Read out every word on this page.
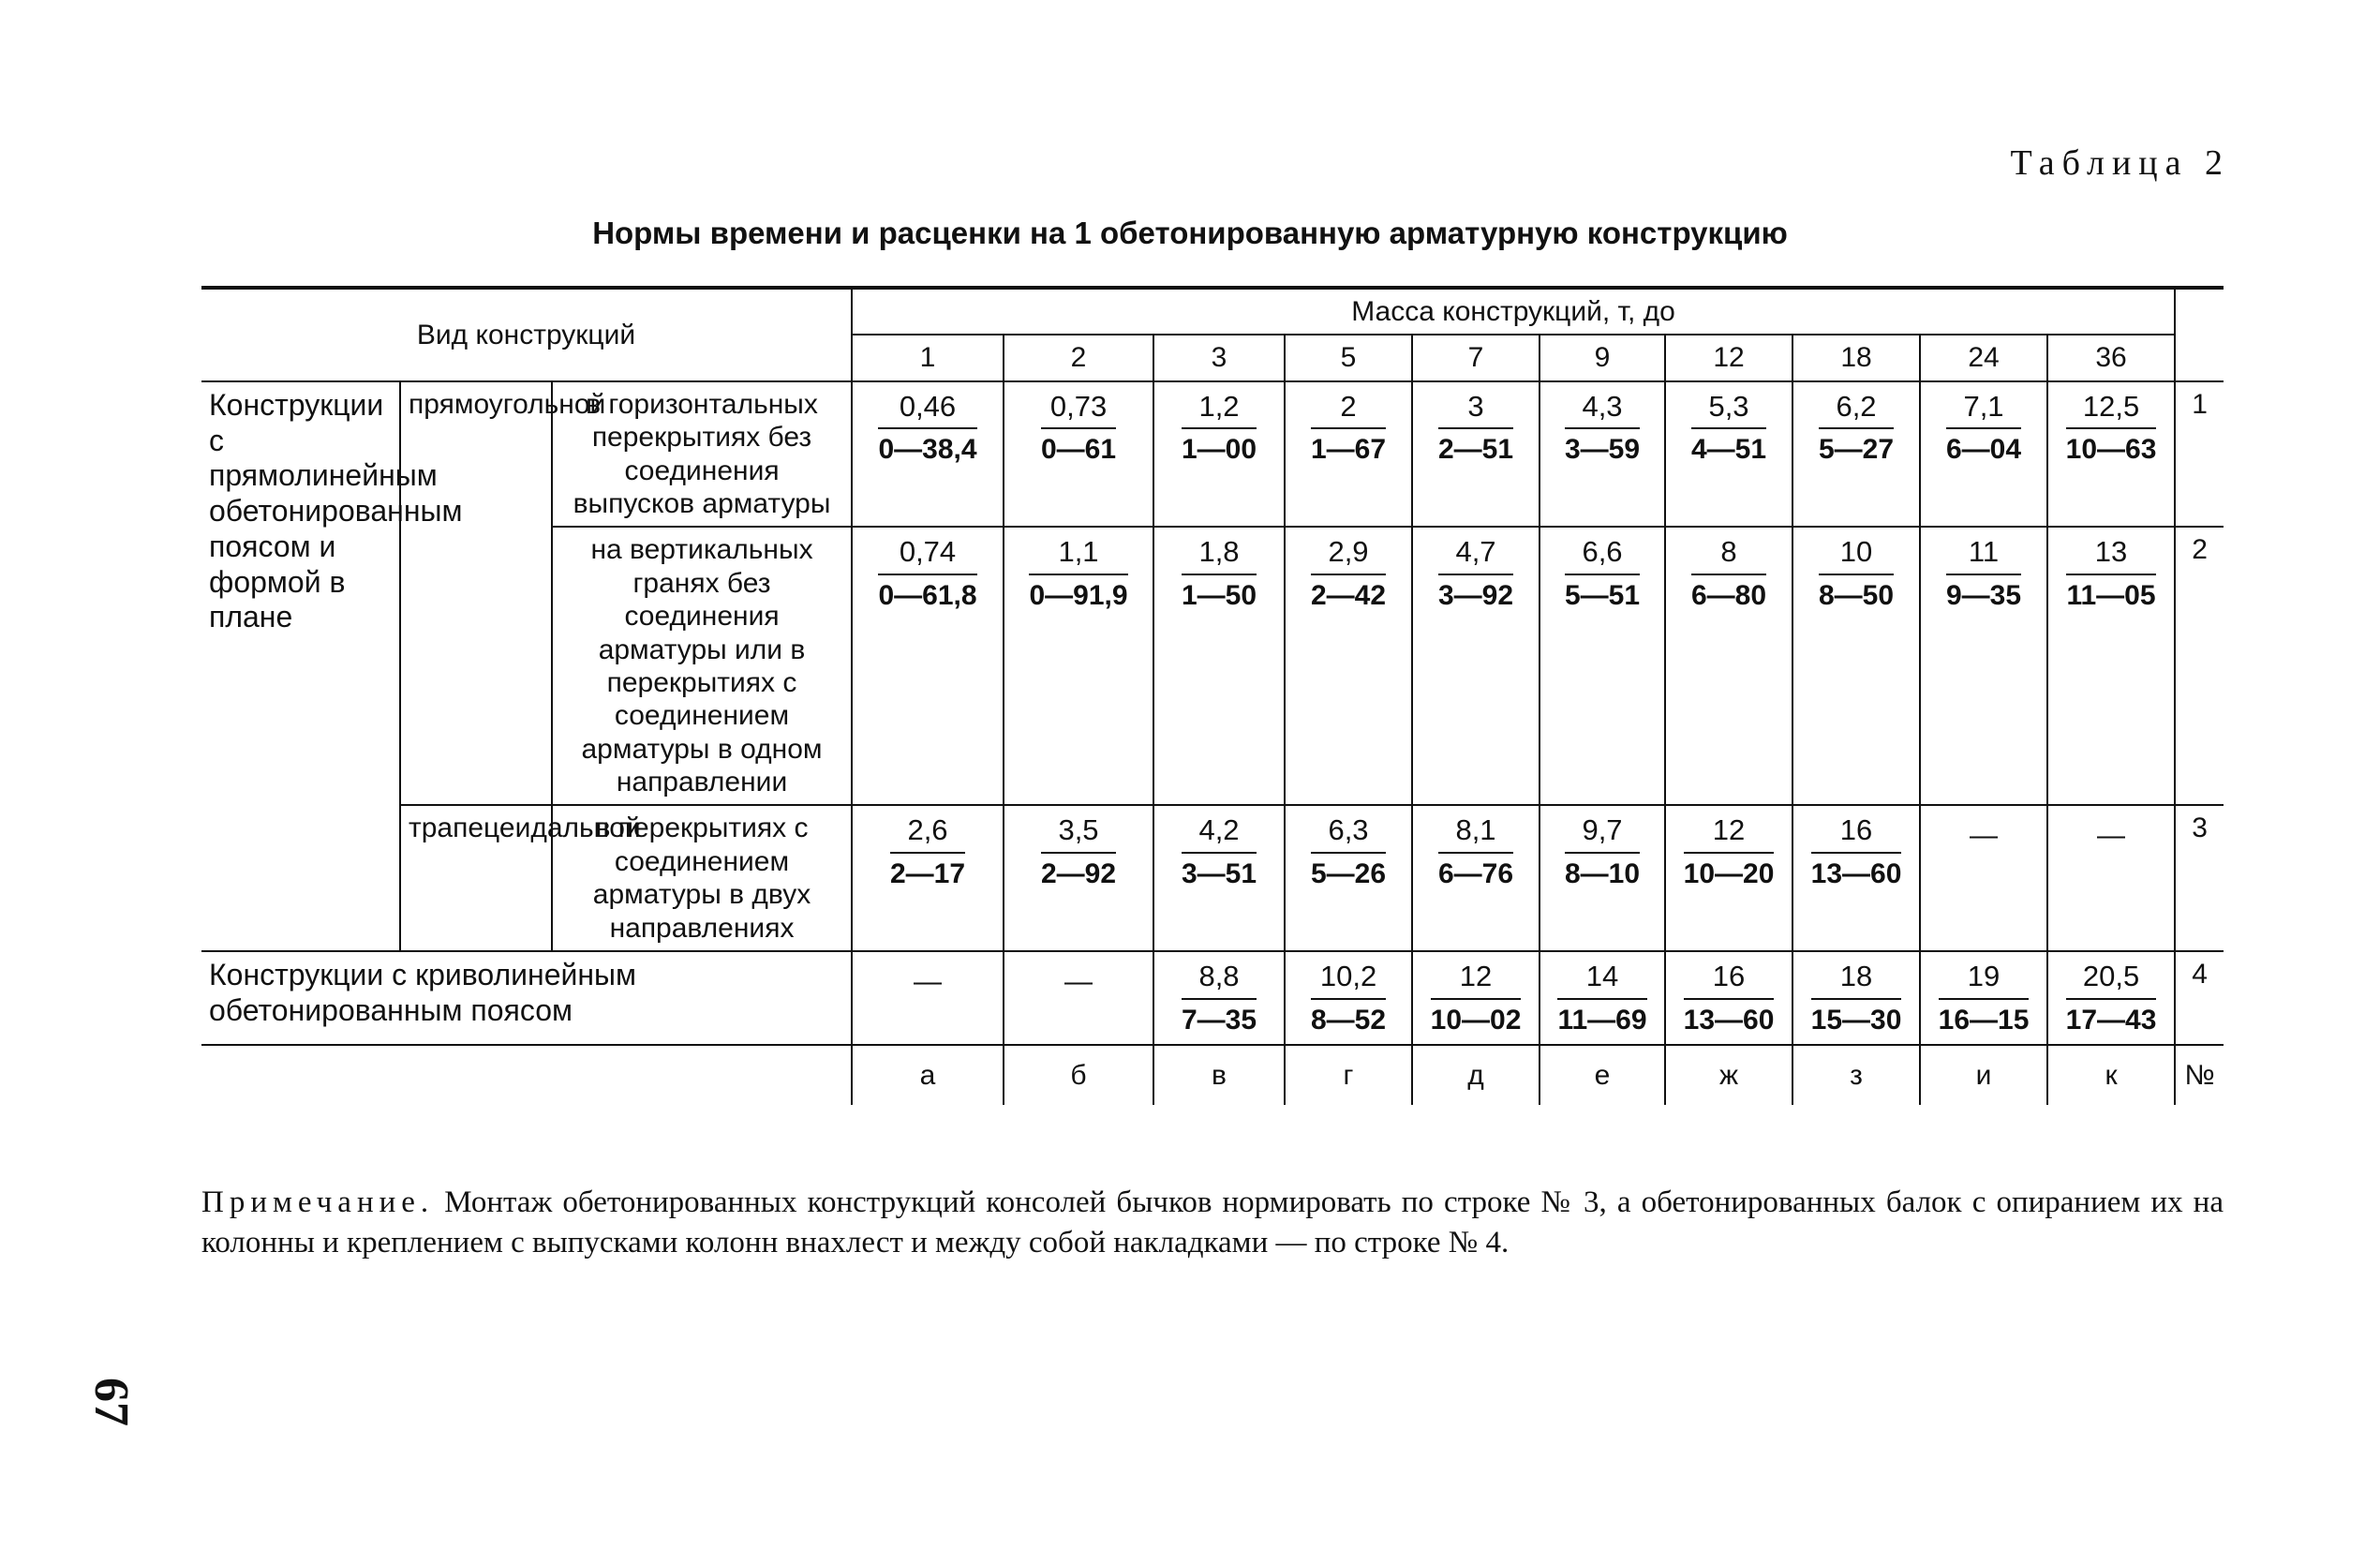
Таблица 2
Нормы времени и расценки на 1 обетонированную арматурную конструкцию
Вид конструкций			Масса конструкций, т, до										
			1	2	3	5	7	9	12	18	24	36	
Конструкции с прямолинейным обетонированным поясом и формой в плане	прямоугольной	в горизонтальных перекрытиях без соединения выпусков арматуры	$\frac{0,46}{0—38,4}$	$\frac{0,73}{0—61}$	$\frac{1,2}{1—00}$	$\frac{2}{1—67}$	$\frac{3}{2—51}$	$\frac{4,3}{3—59}$	$\frac{5,3}{4—51}$	$\frac{6,2}{5—27}$	$\frac{7,1}{6—04}$	$\frac{12,5}{10—63}$	1
		на вертикальных гранях без соединения арматуры или в перекрытиях с соединением арматуры в одном направлении	$\frac{0,74}{0—61,8}$	$\frac{1,1}{0—91,9}$	$\frac{1,8}{1—50}$	$\frac{2,9}{2—42}$	$\frac{4,7}{3—92}$	$\frac{6,6}{5—51}$	$\frac{8}{6—80}$	$\frac{10}{8—50}$	$\frac{11}{9—35}$	$\frac{13}{11—05}$	2
	трапецеидальной	в перекрытиях с соединением арматуры в двух направлениях	$\frac{2,6}{2—17}$	$\frac{3,5}{2—92}$	$\frac{4,2}{3—51}$	$\frac{6,3}{5—26}$	$\frac{8,1}{6—76}$	$\frac{9,7}{8—10}$	$\frac{12}{10—20}$	$\frac{16}{13—60}$	—	—	3
Конструкции с криволинейным обетонированным поясом			—	—	$\frac{8,8}{7—35}$	$\frac{10,2}{8—52}$	$\frac{12}{10—02}$	$\frac{14}{11—69}$	$\frac{16}{13—60}$	$\frac{18}{15—30}$	$\frac{19}{16—15}$	$\frac{20,5}{17—43}$	4
			а	б	в	г	д	е	ж	з	и	к	№
Примечание. Монтаж обетонированных конструкций консолей бычков нормировать по строке № 3, а обетонированных балок с опиранием их на колонны и креплением с выпусками колонн внахлест и между собой накладками — по строке № 4.
67
